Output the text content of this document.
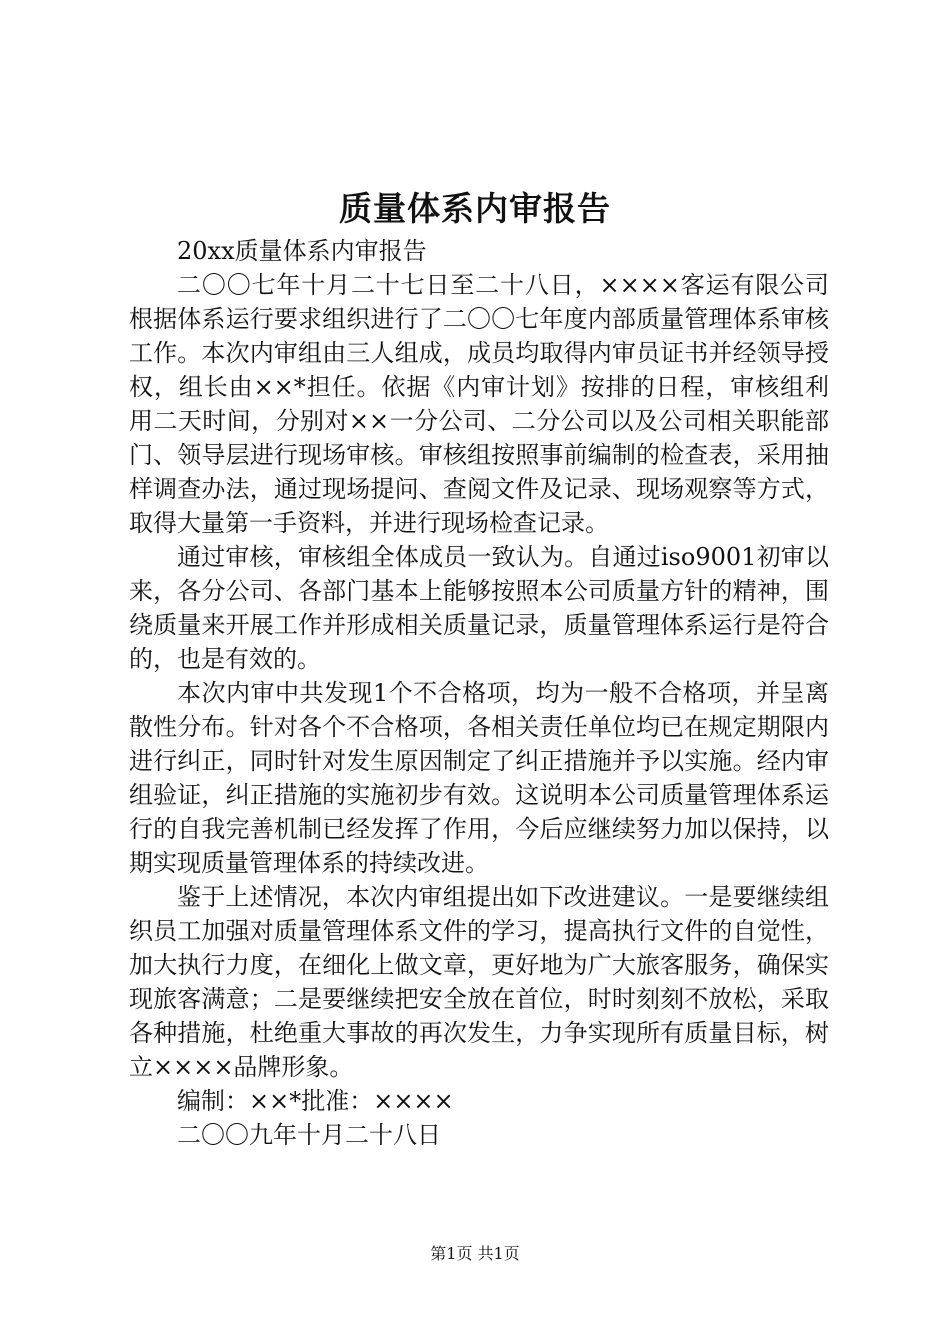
质量体系内审报告

20xx质量体系内审报告

二〇〇七年十月二十七日至二十八日，××××客运有限公司根据体系运行要求组织进行了二〇〇七年度内部质量管理体系审核工作。本次内审组由三人组成，成员均取得内审员证书并经领导授权，组长由××*担任。依据《内审计划》按排的日程，审核组利用二天时间，分别对××一分公司、二分公司以及公司相关职能部门、领导层进行现场审核。审核组按照事前编制的检查表，采用抽样调查办法，通过现场提问、查阅文件及记录、现场观察等方式，取得大量第一手资料，并进行现场检查记录。

通过审核，审核组全体成员一致认为。自通过iso9001初审以来，各分公司、各部门基本上能够按照本公司质量方针的精神，围绕质量来开展工作并形成相关质量记录，质量管理体系运行是符合的，也是有效的。

本次内审中共发现1个不合格项，均为一般不合格项，并呈离散性分布。针对各个不合格项，各相关责任单位均已在规定期限内进行纠正，同时针对发生原因制定了纠正措施并予以实施。经内审组验证，纠正措施的实施初步有效。这说明本公司质量管理体系运行的自我完善机制已经发挥了作用，今后应继续努力加以保持，以期实现质量管理体系的持续改进。

鉴于上述情况，本次内审组提出如下改进建议。一是要继续组织员工加强对质量管理体系文件的学习，提高执行文件的自觉性，加大执行力度，在细化上做文章，更好地为广大旅客服务，确保实现旅客满意；二是要继续把安全放在首位，时时刻刻不放松，采取各种措施，杜绝重大事故的再次发生，力争实现所有质量目标，树立××××品牌形象。

编制：××*批准：××××

二〇〇九年十月二十八日

第1页 共1页
